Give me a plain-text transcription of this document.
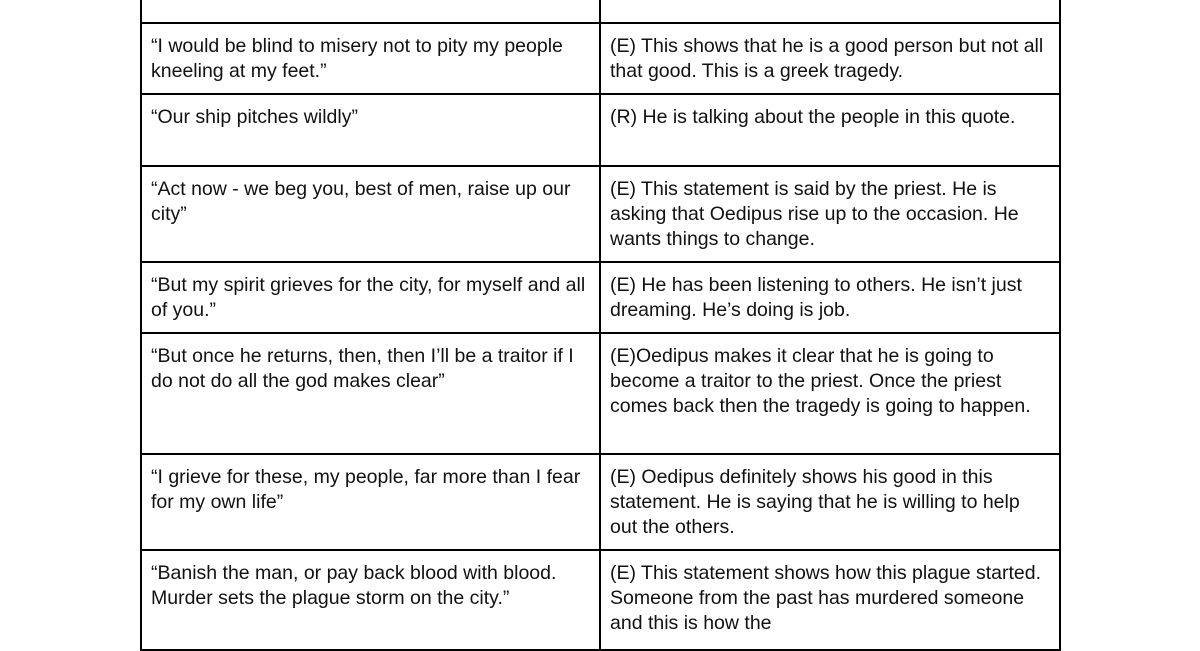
“I would be blind to misery not to pity my people kneeling at my feet.”	(E) This shows that he is a good person but not all that good. This is a greek tragedy.
“Our ship pitches wildly”	(R) He is talking about the people in this quote.
“Act now - we beg you, best of men, raise up our city”	(E) This statement is said by the priest. He is asking that Oedipus rise up to the occasion. He wants things to change.
“But my spirit grieves for the city, for myself and all of you.”	(E) He has been listening to others. He isn’t just dreaming. He’s doing is job.
“But once he returns, then, then I’ll be a traitor if I do not do all the god makes clear”	(E)Oedipus makes it clear that he is going to become a traitor to the priest. Once the priest comes back then the tragedy is going to happen.
“I grieve for these, my people, far more than I fear for my own life”	(E) Oedipus definitely shows his good in this statement. He is saying that he is willing to help out the others.
“Banish the man, or pay back blood with blood. Murder sets the plague storm on the city.”	(E) This statement shows how this plague started. Someone from the past has murdered someone and this is how the
